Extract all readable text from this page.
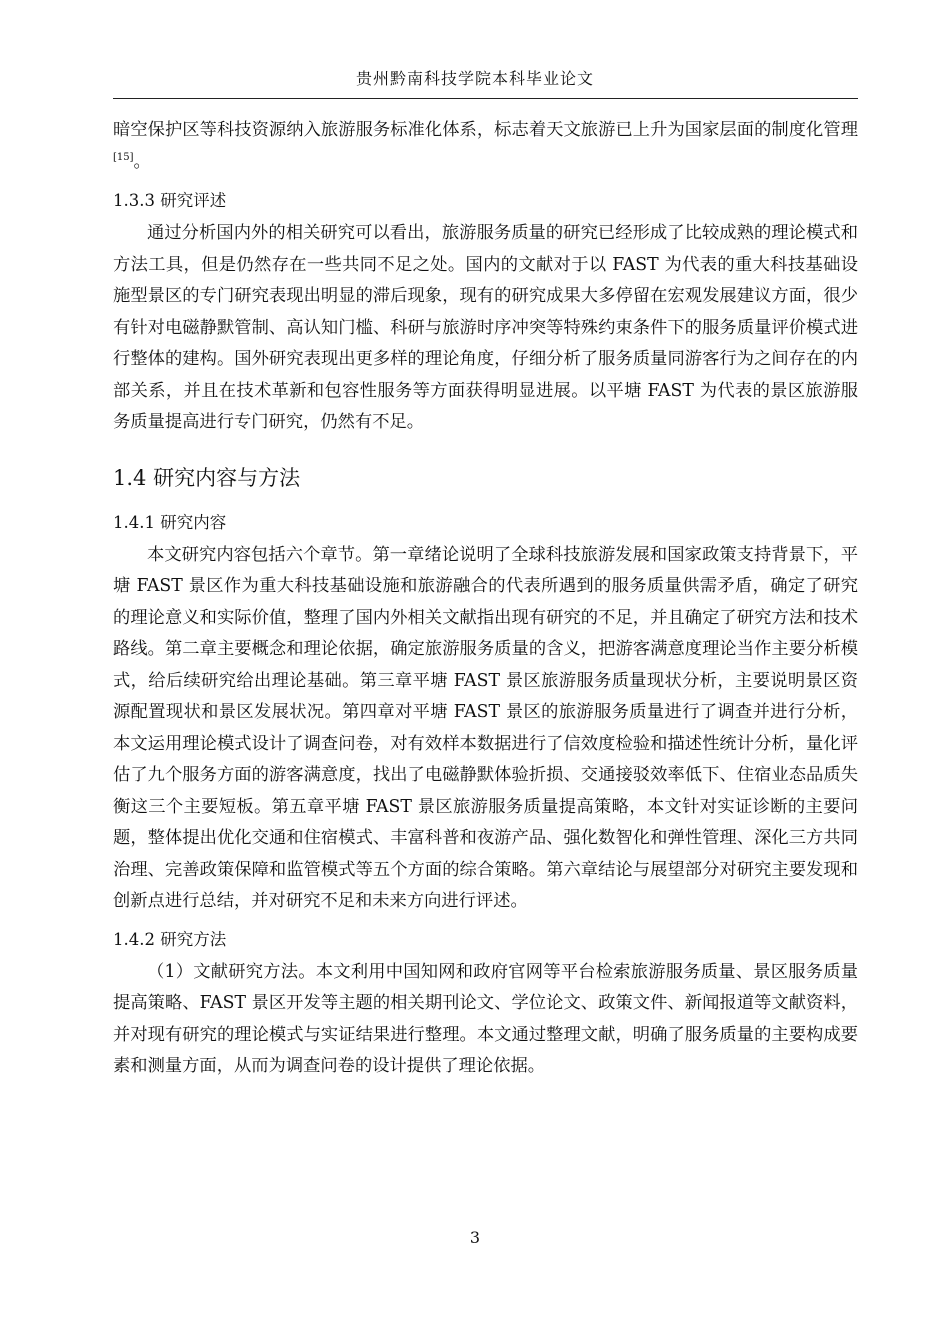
贵州黔南科技学院本科毕业论文

暗空保护区等科技资源纳入旅游服务标准化体系，标志着天文旅游已上升为国家层面的制度化管理[15]。

1.3.3 研究评述

通过分析国内外的相关研究可以看出，旅游服务质量的研究已经形成了比较成熟的理论模式和方法工具，但是仍然存在一些共同不足之处。国内的文献对于以 FAST 为代表的重大科技基础设施型景区的专门研究表现出明显的滞后现象，现有的研究成果大多停留在宏观发展建议方面，很少有针对电磁静默管制、高认知门槛、科研与旅游时序冲突等特殊约束条件下的服务质量评价模式进行整体的建构。国外研究表现出更多样的理论角度，仔细分析了服务质量同游客行为之间存在的内部关系，并且在技术革新和包容性服务等方面获得明显进展。以平塘 FAST 为代表的景区旅游服务质量提高进行专门研究，仍然有不足。

1.4 研究内容与方法
1.4.1 研究内容

本文研究内容包括六个章节。第一章绪论说明了全球科技旅游发展和国家政策支持背景下，平塘 FAST 景区作为重大科技基础设施和旅游融合的代表所遇到的服务质量供需矛盾，确定了研究的理论意义和实际价值，整理了国内外相关文献指出现有研究的不足，并且确定了研究方法和技术路线。第二章主要概念和理论依据，确定旅游服务质量的含义，把游客满意度理论当作主要分析模式，给后续研究给出理论基础。第三章平塘 FAST 景区旅游服务质量现状分析，主要说明景区资源配置现状和景区发展状况。第四章对平塘 FAST 景区的旅游服务质量进行了调查并进行分析，本文运用理论模式设计了调查问卷，对有效样本数据进行了信效度检验和描述性统计分析，量化评估了九个服务方面的游客满意度，找出了电磁静默体验折损、交通接驳效率低下、住宿业态品质失衡这三个主要短板。第五章平塘 FAST 景区旅游服务质量提高策略，本文针对实证诊断的主要问题，整体提出优化交通和住宿模式、丰富科普和夜游产品、强化数智化和弹性管理、深化三方共同治理、完善政策保障和监管模式等五个方面的综合策略。第六章结论与展望部分对研究主要发现和创新点进行总结，并对研究不足和未来方向进行评述。

1.4.2 研究方法

（1）文献研究方法。本文利用中国知网和政府官网等平台检索旅游服务质量、景区服务质量提高策略、FAST 景区开发等主题的相关期刊论文、学位论文、政策文件、新闻报道等文献资料，并对现有研究的理论模式与实证结果进行整理。本文通过整理文献，明确了服务质量的主要构成要素和测量方面，从而为调查问卷的设计提供了理论依据。

3
